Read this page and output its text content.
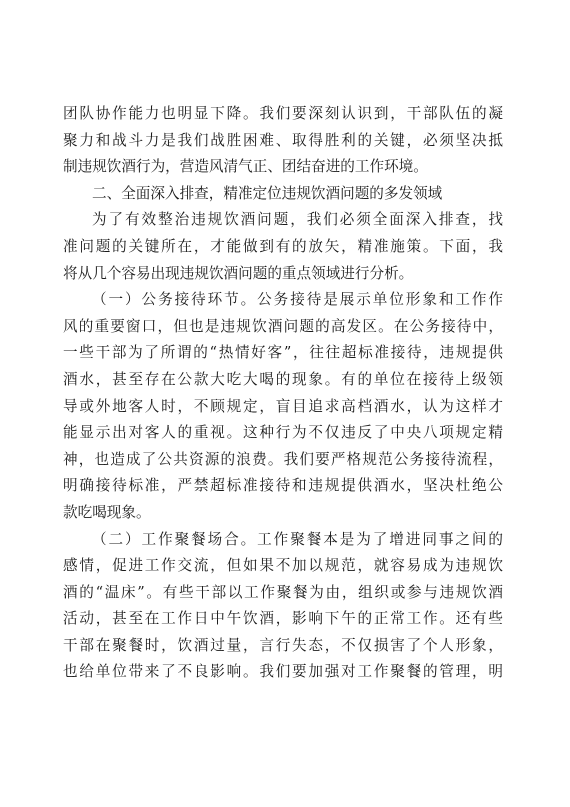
团队协作能力也明显下降。我们要深刻认识到，干部队伍的凝
聚力和战斗力是我们战胜困难、取得胜利的关键，必须坚决抵
制违规饮酒行为，营造风清气正、团结奋进的工作环境。
二、全面深入排查，精准定位违规饮酒问题的多发领域
为了有效整治违规饮酒问题，我们必须全面深入排查，找
准问题的关键所在，才能做到有的放矢，精准施策。下面，我
将从几个容易出现违规饮酒问题的重点领域进行分析。
（一）公务接待环节。公务接待是展示单位形象和工作作
风的重要窗口，但也是违规饮酒问题的高发区。在公务接待中，
一些干部为了所谓的“热情好客”，往往超标准接待，违规提供
酒水，甚至存在公款大吃大喝的现象。有的单位在接待上级领
导或外地客人时，不顾规定，盲目追求高档酒水，认为这样才
能显示出对客人的重视。这种行为不仅违反了中央八项规定精
神，也造成了公共资源的浪费。我们要严格规范公务接待流程，
明确接待标准，严禁超标准接待和违规提供酒水，坚决杜绝公
款吃喝现象。
（二）工作聚餐场合。工作聚餐本是为了增进同事之间的
感情，促进工作交流，但如果不加以规范，就容易成为违规饮
酒的“温床”。有些干部以工作聚餐为由，组织或参与违规饮酒
活动，甚至在工作日中午饮酒，影响下午的正常工作。还有些
干部在聚餐时，饮酒过量，言行失态，不仅损害了个人形象，
也给单位带来了不良影响。我们要加强对工作聚餐的管理，明
